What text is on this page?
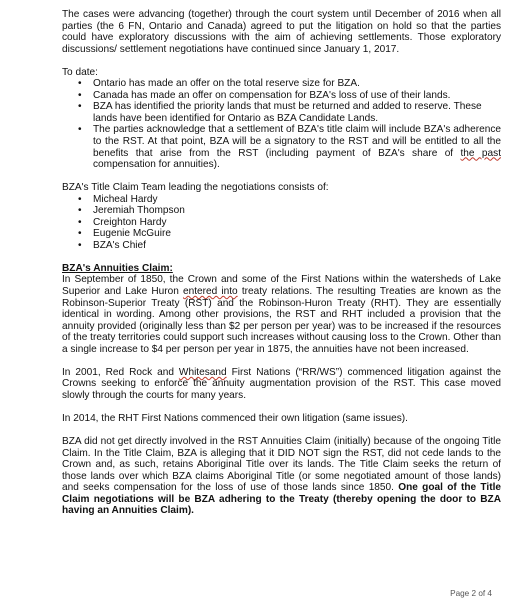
The cases were advancing (together) through the court system until December of 2016 when all parties (the 6 FN, Ontario and Canada) agreed to put the litigation on hold so that the parties could have exploratory discussions with the aim of achieving settlements. Those exploratory discussions/ settlement negotiations have continued since January 1, 2017.

To date:

• Ontario has made an offer on the total reserve size for BZA.
• Canada has made an offer on compensation for BZA's loss of use of their lands.
• BZA has identified the priority lands that must be returned and added to reserve. These lands have been identified for Ontario as BZA Candidate Lands.
• The parties acknowledge that a settlement of BZA's title claim will include BZA's adherence to the RST. At that point, BZA will be a signatory to the RST and will be entitled to all the benefits that arise from the RST (including payment of BZA's share of the past compensation for annuities).

BZA's Title Claim Team leading the negotiations consists of:

• Micheal Hardy
• Jeremiah Thompson
• Creighton Hardy
• Eugenie McGuire
• BZA's Chief

BZA's Annuities Claim:

In September of 1850, the Crown and some of the First Nations within the watersheds of Lake Superior and Lake Huron entered into treaty relations. The resulting Treaties are known as the Robinson-Superior Treaty (RST) and the Robinson-Huron Treaty (RHT). They are essentially identical in wording. Among other provisions, the RST and RHT included a provision that the annuity provided (originally less than $2 per person per year) was to be increased if the resources of the treaty territories could support such increases without causing loss to the Crown. Other than a single increase to $4 per person per year in 1875, the annuities have not been increased.

In 2001, Red Rock and Whitesand First Nations (“RR/WS”) commenced litigation against the Crowns seeking to enforce the annuity augmentation provision of the RST. This case moved slowly through the courts for many years.

In 2014, the RHT First Nations commenced their own litigation (same issues).

BZA did not get directly involved in the RST Annuities Claim (initially) because of the ongoing Title Claim. In the Title Claim, BZA is alleging that it DID NOT sign the RST, did not cede lands to the Crown and, as such, retains Aboriginal Title over its lands. The Title Claim seeks the return of those lands over which BZA claims Aboriginal Title (or some negotiated amount of those lands) and seeks compensation for the loss of use of those lands since 1850. One goal of the Title Claim negotiations will be BZA adhering to the Treaty (thereby opening the door to BZA having an Annuities Claim).

Page 2 of 4
